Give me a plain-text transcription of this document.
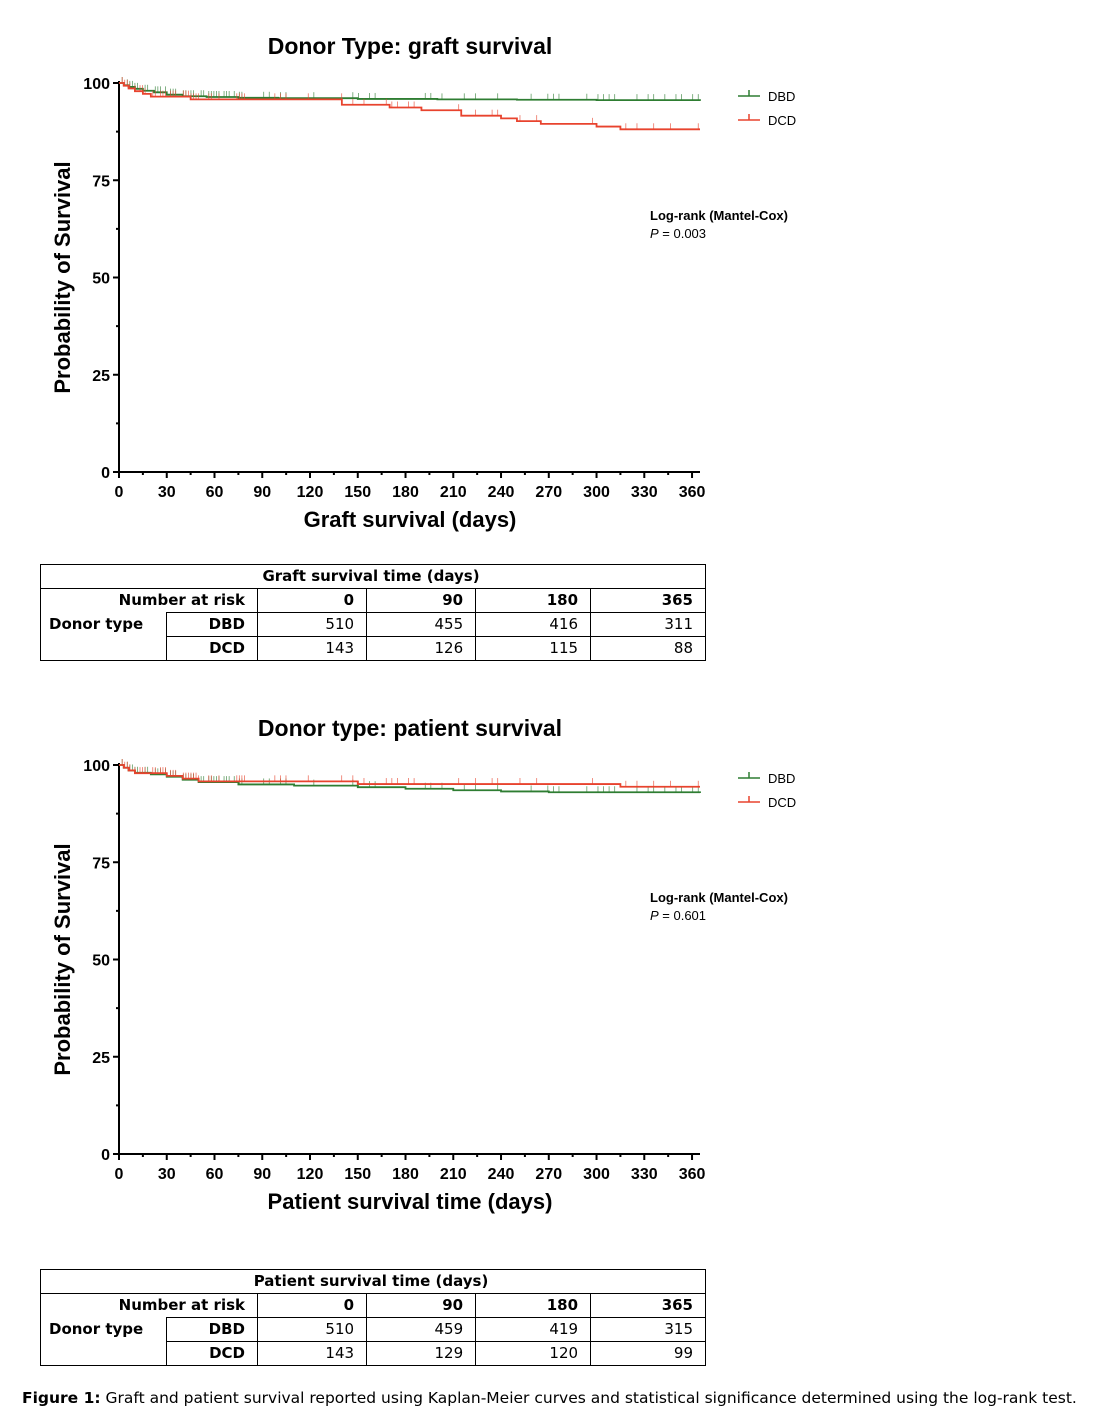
Donor Type: graft survival
Probability of Survival
0
25
50
75
100
0 30 60 90 120 150 180 210 240 270 300 330 360
Graft survival (days)
DBD
DCD
Log-rank (Mantel-Cox)
P = 0.003
Graft survival time (days)					
Number at risk		0	90	180	365
Donor type	DBD	510	455	416	311
	DCD	143	126	115	88
Donor type: patient survival
Probability of Survival
0
25
50
75
100
0 30 60 90 120 150 180 210 240 270 300 330 360
Patient survival time (days)
DBD
DCD
Log-rank (Mantel-Cox)
P = 0.601
Patient survival time (days)					
Number at risk		0	90	180	365
Donor type	DBD	510	459	419	315
	DCD	143	129	120	99
Figure 1: Graft and patient survival reported using Kaplan-Meier curves and statistical significance determined using the log-rank test.
